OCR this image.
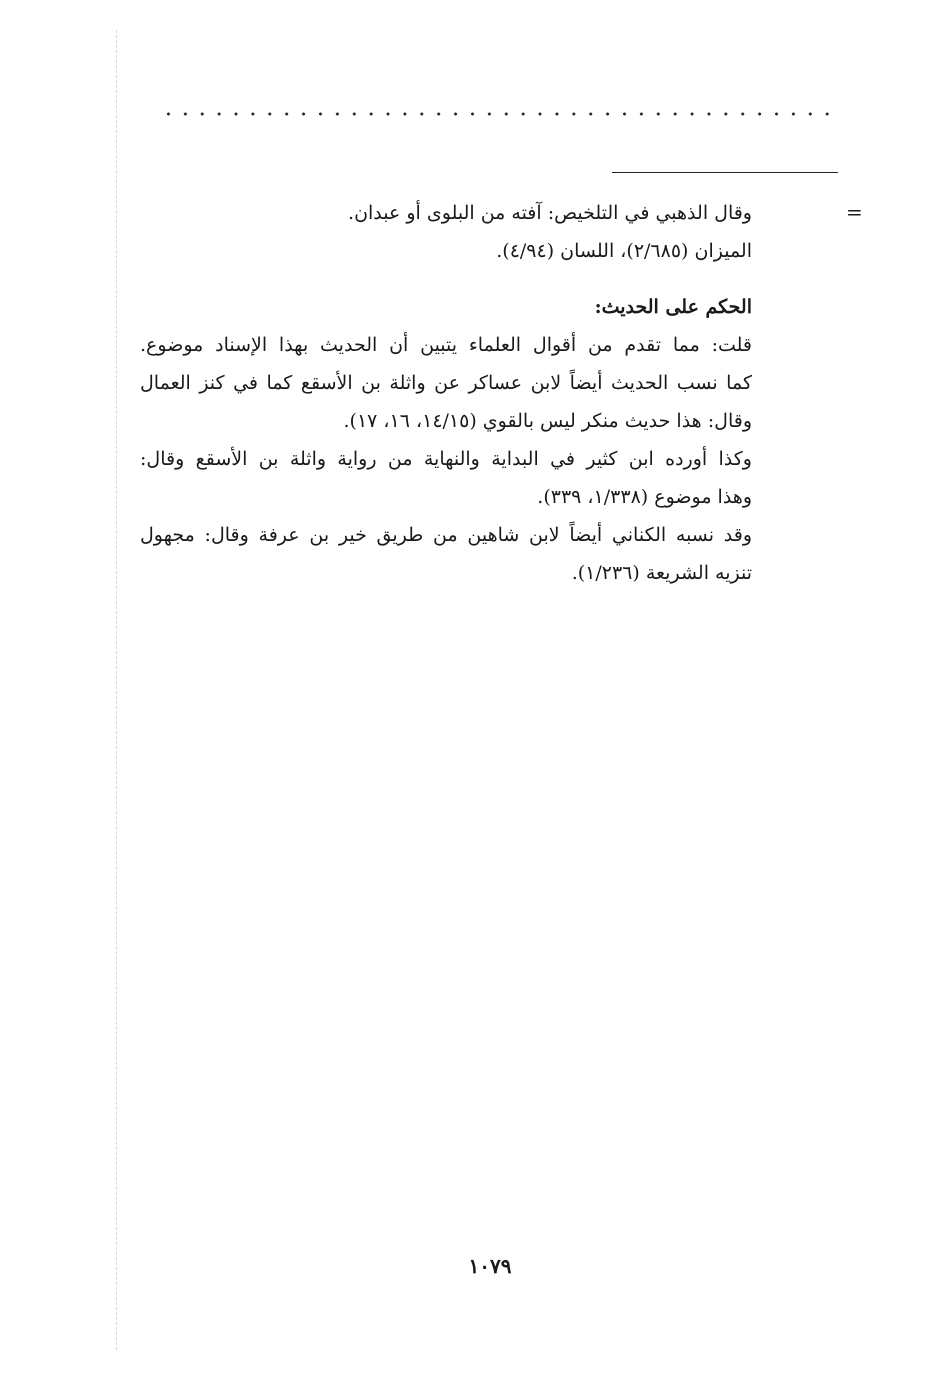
=

وقال الذهبي في التلخيص: آفته من البلوى أو عبدان.

الميزان (٢/٦٨٥)، اللسان (٤/٩٤).

الحكم على الحديث:

قلت: مما تقدم من أقوال العلماء يتبين أن الحديث بهذا الإسناد موضوع.

كما نسب الحديث أيضاً لابن عساكر عن واثلة بن الأسقع كما في كنز العمال

وقال: هذا حديث منكر ليس بالقوي (١٤/١٥، ١٦، ١٧).

وكذا أورده ابن كثير في البداية والنهاية من رواية واثلة بن الأسقع وقال:

وهذا موضوع (١/٣٣٨، ٣٣٩).

وقد نسبه الكناني أيضاً لابن شاهين من طريق خير بن عرفة وقال: مجهول

تنزيه الشريعة (١/٢٣٦).

١٠٧٩
